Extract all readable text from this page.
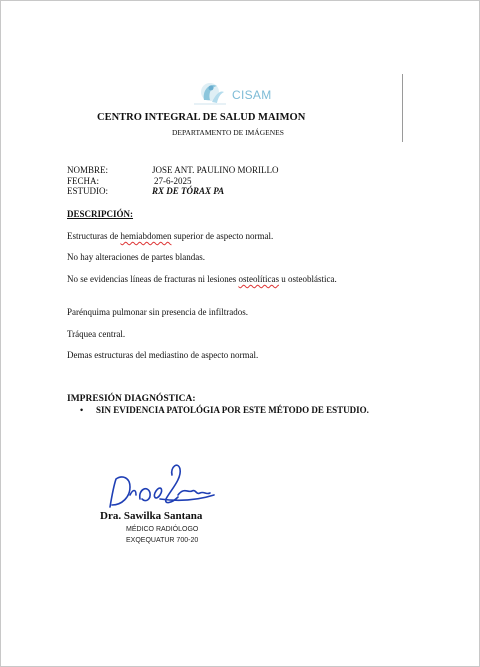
CISAM
CENTRO INTEGRAL DE SALUD MAIMON
DEPARTAMENTO DE IMÁGENES
NOMBRE:	JOSE ANT. PAULINO MORILLO
FECHA:	27-6-2025
ESTUDIO:	RX DE TÓRAX PA
DESCRIPCIÓN:
Estructuras de hemiabdomen superior de aspecto normal.
No hay alteraciones de partes blandas.
No se evidencias líneas de fracturas ni lesiones osteolíticas u osteoblástica.
Parénquima pulmonar sin presencia de infiltrados.
Tráquea central.
Demas estructuras del mediastino de aspecto normal.
IMPRESIÓN DIAGNÓSTICA:
• SIN EVIDENCIA PATOLÓGIA POR ESTE MÉTODO DE ESTUDIO.
Dra. Sawilka Santana
MÉDICO RADIÓLOGO
EXQEQUATUR 700-20
